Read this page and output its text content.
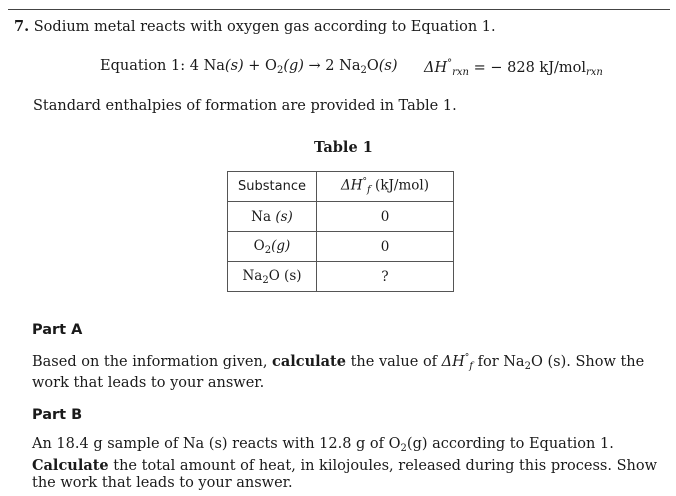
7. Sodium metal reacts with oxygen gas according to Equation 1.
Equation 1: 4 $Na(s) + O_2(g) \to 2$ $Na_2O(s) \Delta H^\circ_{rxn}$ = − 828 kJ/mol$_{rxn}$
Standard enthalpies of formation are provided in Table 1.
Table 1
Substance	$\Delta H^\circ_f$ (kJ/mol)
Na (s)	0
$O_2(g)$	0
$Na_2O$ (s)	?
Part A
Based on the information given, calculate the value of $\Delta H^\circ_f$ for $Na_2O$ (s). Show the work that leads to your answer.
Part B
An 18.4 g sample of Na (s) reacts with 12.8 g of $O_2(g)$ according to Equation 1. Calculate the total amount of heat, in kilojoules, released during this process. Show the work that leads to your answer.
